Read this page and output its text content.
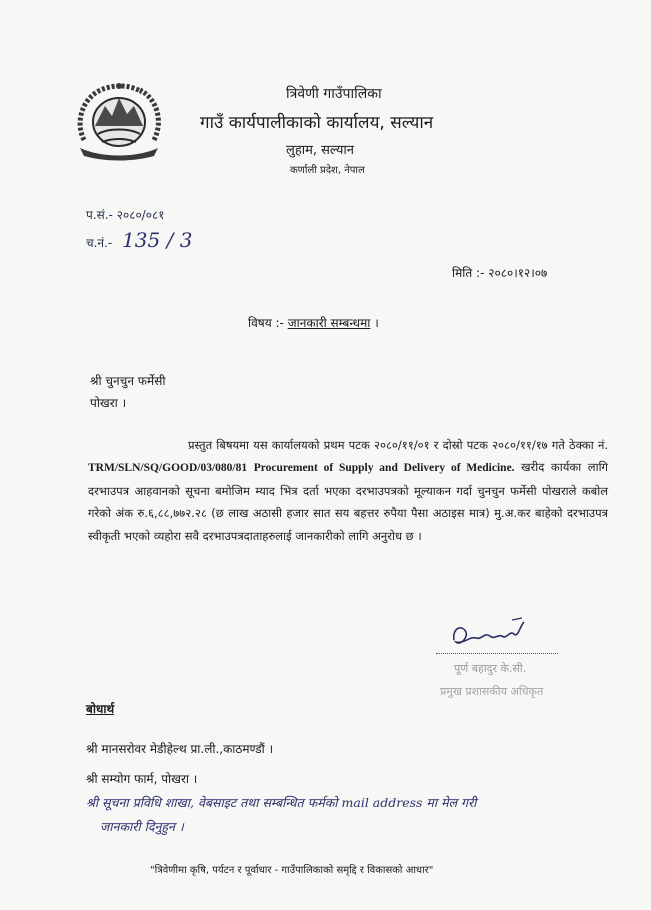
त्रिवेणी गाउँपालिका
गाउँ कार्यपालीकाको कार्यालय, सल्यान
लुहाम, सल्यान
कर्णाली प्रदेश, नेपाल
प.सं.- २०८०/०८१
च.नं.- 135 / 3
मिति :- २०८०।१२।०७
विषय :- जानकारी सम्बन्धमा ।
श्री चुनचुन फर्मेसी
पोखरा ।
प्रस्तुत बिषयमा यस कार्यालयको प्रथम पटक २०८०/११/०१ र दोस्रो पटक २०८०/११/१७ गते ठेक्का नं. TRM/SLN/SQ/GOOD/03/080/81 Procurement of Supply and Delivery of Medicine. खरीद कार्यका लागि दरभाउपत्र आहवानको सूचना बमोजिम म्याद भित्र दर्ता भएका दरभाउपत्रको मूल्याकन गर्दा चुनचुन फर्मेसी पोखराले कबोल गरेको अंक रु.६,८८,७७२.२८ (छ लाख अठासी हजार सात सय बहत्तर रुपैया पैसा अठाइस मात्र) मु.अ.कर बाहेको दरभाउपत्र स्वीकृती भएको व्यहोरा सवै दरभाउपत्रदाताहरुलाई जानकारीको लागि अनुरोध छ ।
पूर्ण बहादुर के.सी.
प्रमुख प्रशासकीय अधिकृत
बोधार्थ
श्री मानसरोवर मेडीहेल्थ प्रा.ली.,काठमण्डौं ।
श्री सम्योग फार्म, पोखरा ।
श्री सूचना प्रविधि शाखा, वेबसाइट तथा सम्बन्धित फर्मको mail address मा मेल गरी
जानकारी दिनुहुन ।
"त्रिवेणीमा कृषि, पर्यटन र पूर्वाधार - गाउँपालिकाको समृद्दि र विकासको आधार"
